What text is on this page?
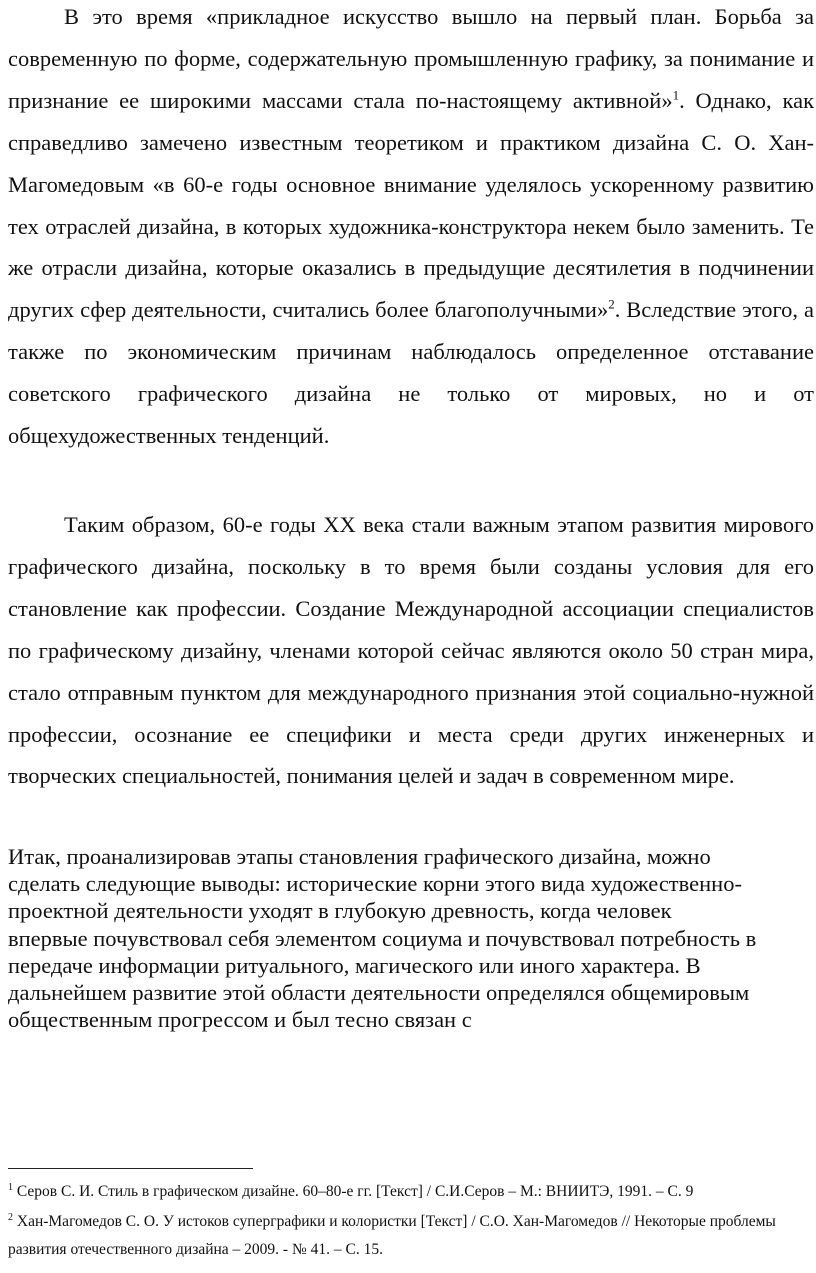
В это время «прикладное искусство вышло на первый план. Борьба за современную по форме, содержательную промышленную графику, за понимание и признание ее широкими массами стала по-настоящему активной»$^1$. Однако, как справедливо замечено известным теоретиком и практиком дизайна С. О. Хан-Магомедовым «в 60-е годы основное внимание уделялось ускоренному развитию тех отраслей дизайна, в которых художника-конструктора некем было заменить. Те же отрасли дизайна, которые оказались в предыдущие десятилетия в подчинении других сфер деятельности, считались более благополучными»$^2$. Вследствие этого, а также по экономическим причинам наблюдалось определенное отставание советского графического дизайна не только от мировых, но и от общехудожественных тенденций.

Таким образом, 60-е годы XX века стали важным этапом развития мирового графического дизайна, поскольку в то время были созданы условия для его становление как профессии. Создание Международной ассоциации специалистов по графическому дизайну, членами которой сейчас являются около 50 стран мира, стало отправным пунктом для международного признания этой социально-нужной профессии, осознание ее специфики и места среди других инженерных и творческих специальностей, понимания целей и задач в современном мире.

Итак, проанализировав этапы становления графического дизайна, можно
сделать следующие выводы: исторические корни этого вида художественно-
проектной деятельности уходят в глубокую древность, когда человек
впервые почувствовал себя элементом социума и почувствовал потребность в
передаче информации ритуального, магического или иного характера. В
дальнейшем развитие этой области деятельности определялся общемировым
общественным прогрессом и был тесно связан с

$^1$ Серов С. И. Стиль в графическом дизайне. 60–80-е гг. [Текст] / С.И.Серов – М.: ВНИИТЭ, 1991. – С. 9

$^2$ Хан-Магомедов С. О. У истоков суперграфики и колористки [Текст] / С.О. Хан-Магомедов // Некоторые проблемы развития отечественного дизайна – 2009. - № 41. – С. 15.
